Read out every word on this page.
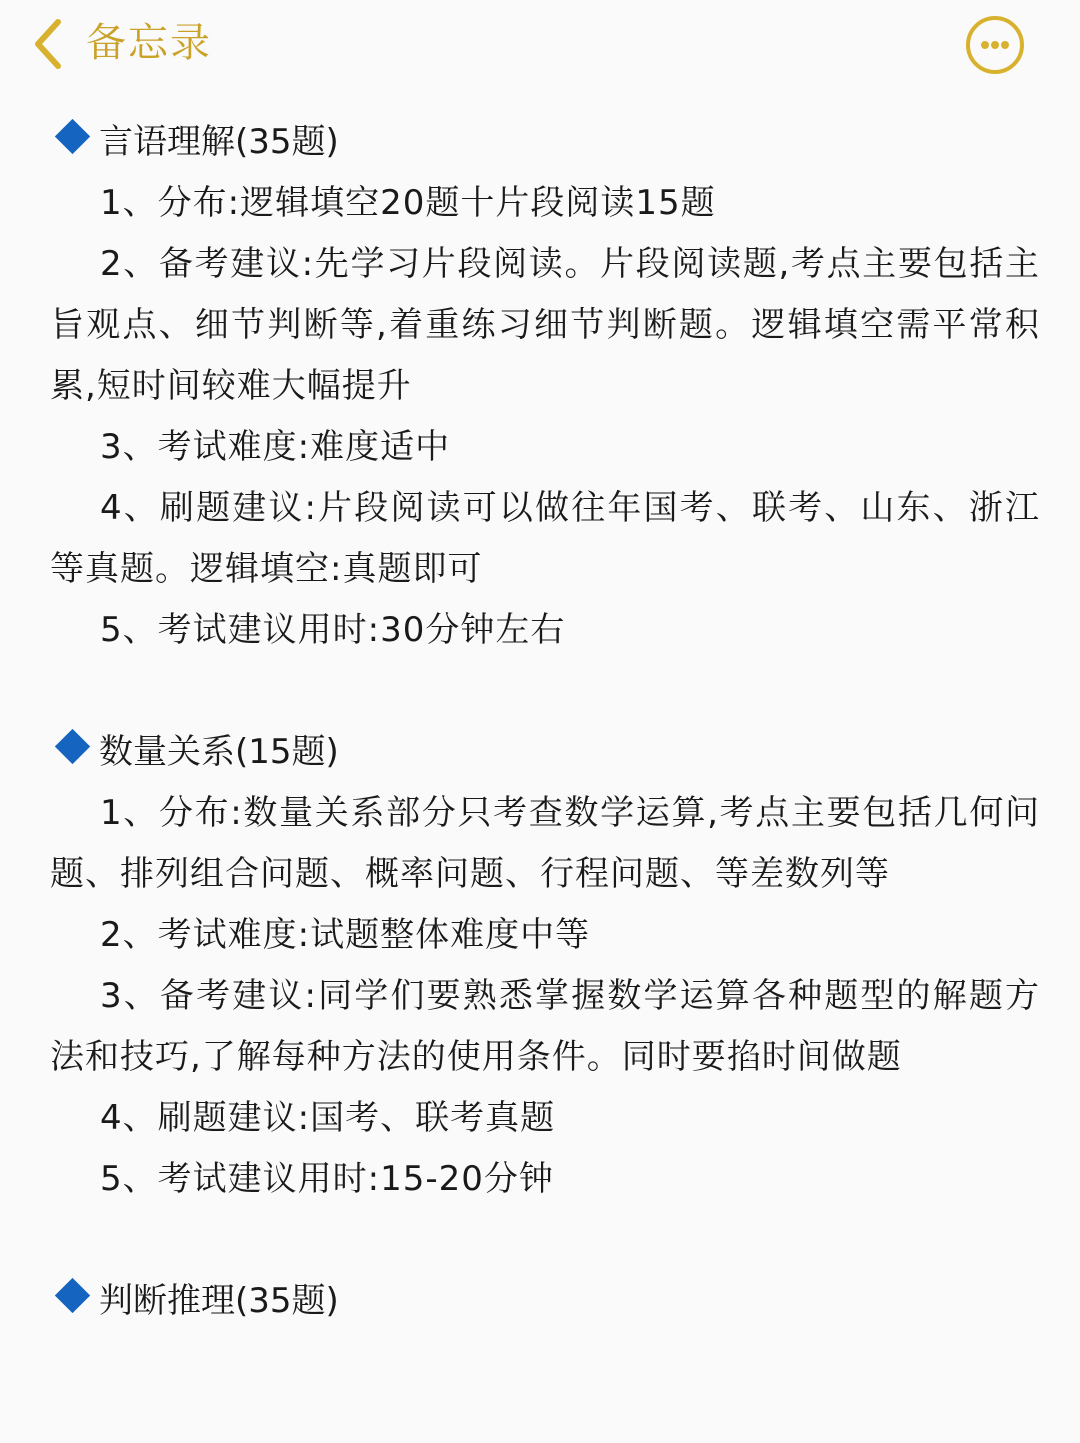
备忘录
言语理解(35题)

1、分布:逻辑填空20题十片段阅读15题

2、备考建议:先学习片段阅读。片段阅读题,考点主要包括主旨观点、细节判断等,着重练习细节判断题。逻辑填空需平常积累,短时间较难大幅提升

3、考试难度:难度适中

4、刷题建议:片段阅读可以做往年国考、联考、山东、浙江等真题。逻辑填空:真题即可

5、考试建议用时:30分钟左右

数量关系(15题)

1、分布:数量关系部分只考查数学运算,考点主要包括几何问题、排列组合问题、概率问题、行程问题、等差数列等

2、考试难度:试题整体难度中等

3、备考建议:同学们要熟悉掌握数学运算各种题型的解题方法和技巧,了解每种方法的使用条件。同时要掐时间做题

4、刷题建议:国考、联考真题

5、考试建议用时:15-20分钟

判断推理(35题)
